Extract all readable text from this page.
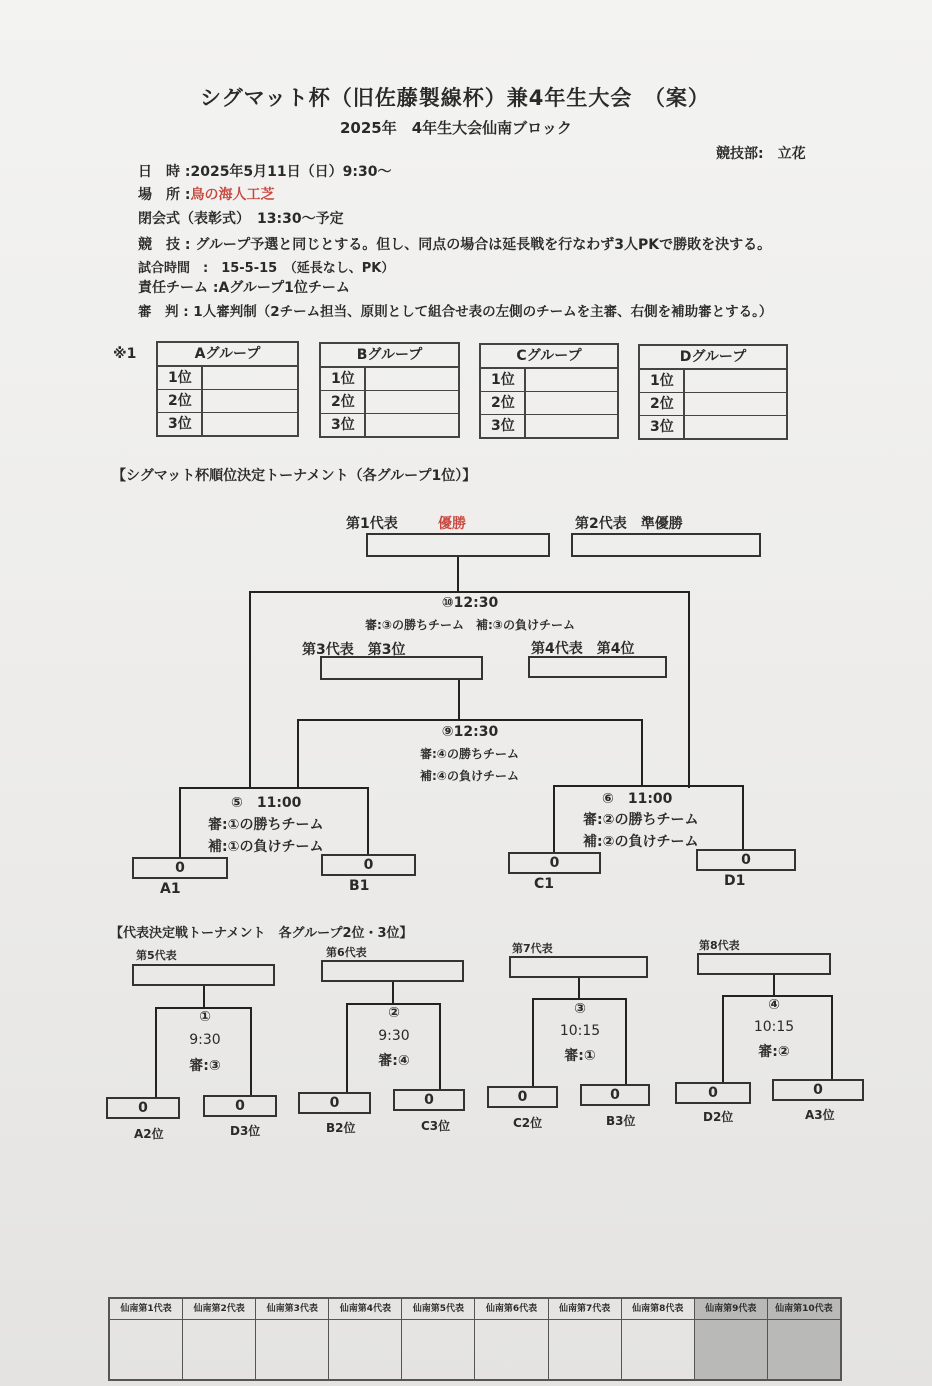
シグマット杯（旧佐藤製線杯）兼4年生大会　（案）
2025年　4年生大会仙南ブロック
競技部:　立花
日　時 :2025年5月11日（日）9:30～
場　所 :鳥の海人工芝
閉会式（表彰式）　13:30～予定
競　技 : グループ予選と同じとする。但し、同点の場合は延長戦を行なわず3人PKで勝敗を決する。
試合時間　:　15-5-15　（延長なし、PK）
責任チーム :Aグループ1位チーム
審　判 : 1人審判制（2チーム担当、原則として組合せ表の左側のチームを主審、右側を補助審とする。）
※1	Aグループ
1位
2位
3位
Bグループ
1位
2位
3位
Cグループ
1位
2位
3位
Dグループ
1位
2位
3位
【シグマット杯順位決定トーナメント（各グループ1位）】
第1代表	優勝	第2代表　準優勝
⑩12:30
審:③の勝ちチーム　補:③の負けチーム
第3代表　第3位	第4代表　第4位
⑨12:30
審:④の勝ちチーム
補:④の負けチーム
⑤　11:00
審:①の勝ちチーム
補:①の負けチーム
⑥　11:00
審:②の勝ちチーム
補:②の負けチーム
0
A1
0
B1
0
C1
0
D1
【代表決定戦トーナメント　各グループ2位・3位】
第5代表
①
9:30
審:③
0	0
A2位	D3位
第6代表
②
9:30
審:④
0	0
B2位	C3位
第7代表
③
10:15
審:①
0	0
C2位	B3位
第8代表
④
10:15
審:②
0	0
D2位	A3位
仙南第1代表	仙南第2代表	仙南第3代表	仙南第4代表	仙南第5代表	仙南第6代表	仙南第7代表	仙南第8代表	仙南第9代表	仙南第10代表
